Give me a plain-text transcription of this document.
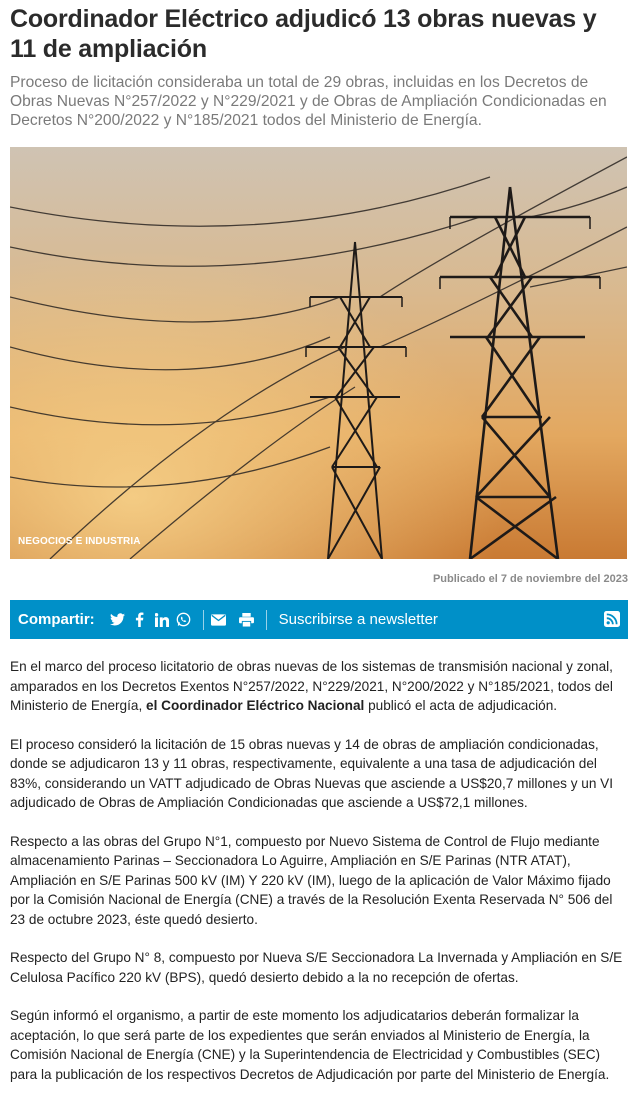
Coordinador Eléctrico adjudicó 13 obras nuevas y 11 de ampliación

Proceso de licitación consideraba un total de 29 obras, incluidas en los Decretos de Obras Nuevas N°257/2022 y N°229/2021 y de Obras de Ampliación Condicionadas en Decretos N°200/2022 y N°185/2021 todos del Ministerio de Energía.

NEGOCIOS E INDUSTRIA
Publicado el 7 de noviembre del 2023
Compartir:	Suscribirse a newsletter

En el marco del proceso licitatorio de obras nuevas de los sistemas de transmisión nacional y zonal, amparados en los Decretos Exentos N°257/2022, N°229/2021, N°200/2022 y N°185/2021, todos del Ministerio de Energía, el Coordinador Eléctrico Nacional publicó el acta de adjudicación.

El proceso consideró la licitación de 15 obras nuevas y 14 de obras de ampliación condicionadas, donde se adjudicaron 13 y 11 obras, respectivamente, equivalente a una tasa de adjudicación del 83%, considerando un VATT adjudicado de Obras Nuevas que asciende a US$20,7 millones y un VI adjudicado de Obras de Ampliación Condicionadas que asciende a US$72,1 millones.

Respecto a las obras del Grupo N°1, compuesto por Nuevo Sistema de Control de Flujo mediante almacenamiento Parinas – Seccionadora Lo Aguirre, Ampliación en S/E Parinas (NTR ATAT), Ampliación en S/E Parinas 500 kV (IM) Y 220 kV (IM), luego de la aplicación de Valor Máximo fijado por la Comisión Nacional de Energía (CNE) a través de la Resolución Exenta Reservada N° 506 del 23 de octubre 2023, éste quedó desierto.

Respecto del Grupo N° 8, compuesto por Nueva S/E Seccionadora La Invernada y Ampliación en S/E Celulosa Pacífico 220 kV (BPS), quedó desierto debido a la no recepción de ofertas.

Según informó el organismo, a partir de este momento los adjudicatarios deberán formalizar la aceptación, lo que será parte de los expedientes que serán enviados al Ministerio de Energía, la Comisión Nacional de Energía (CNE) y la Superintendencia de Electricidad y Combustibles (SEC) para la publicación de los respectivos Decretos de Adjudicación por parte del Ministerio de Energía.
